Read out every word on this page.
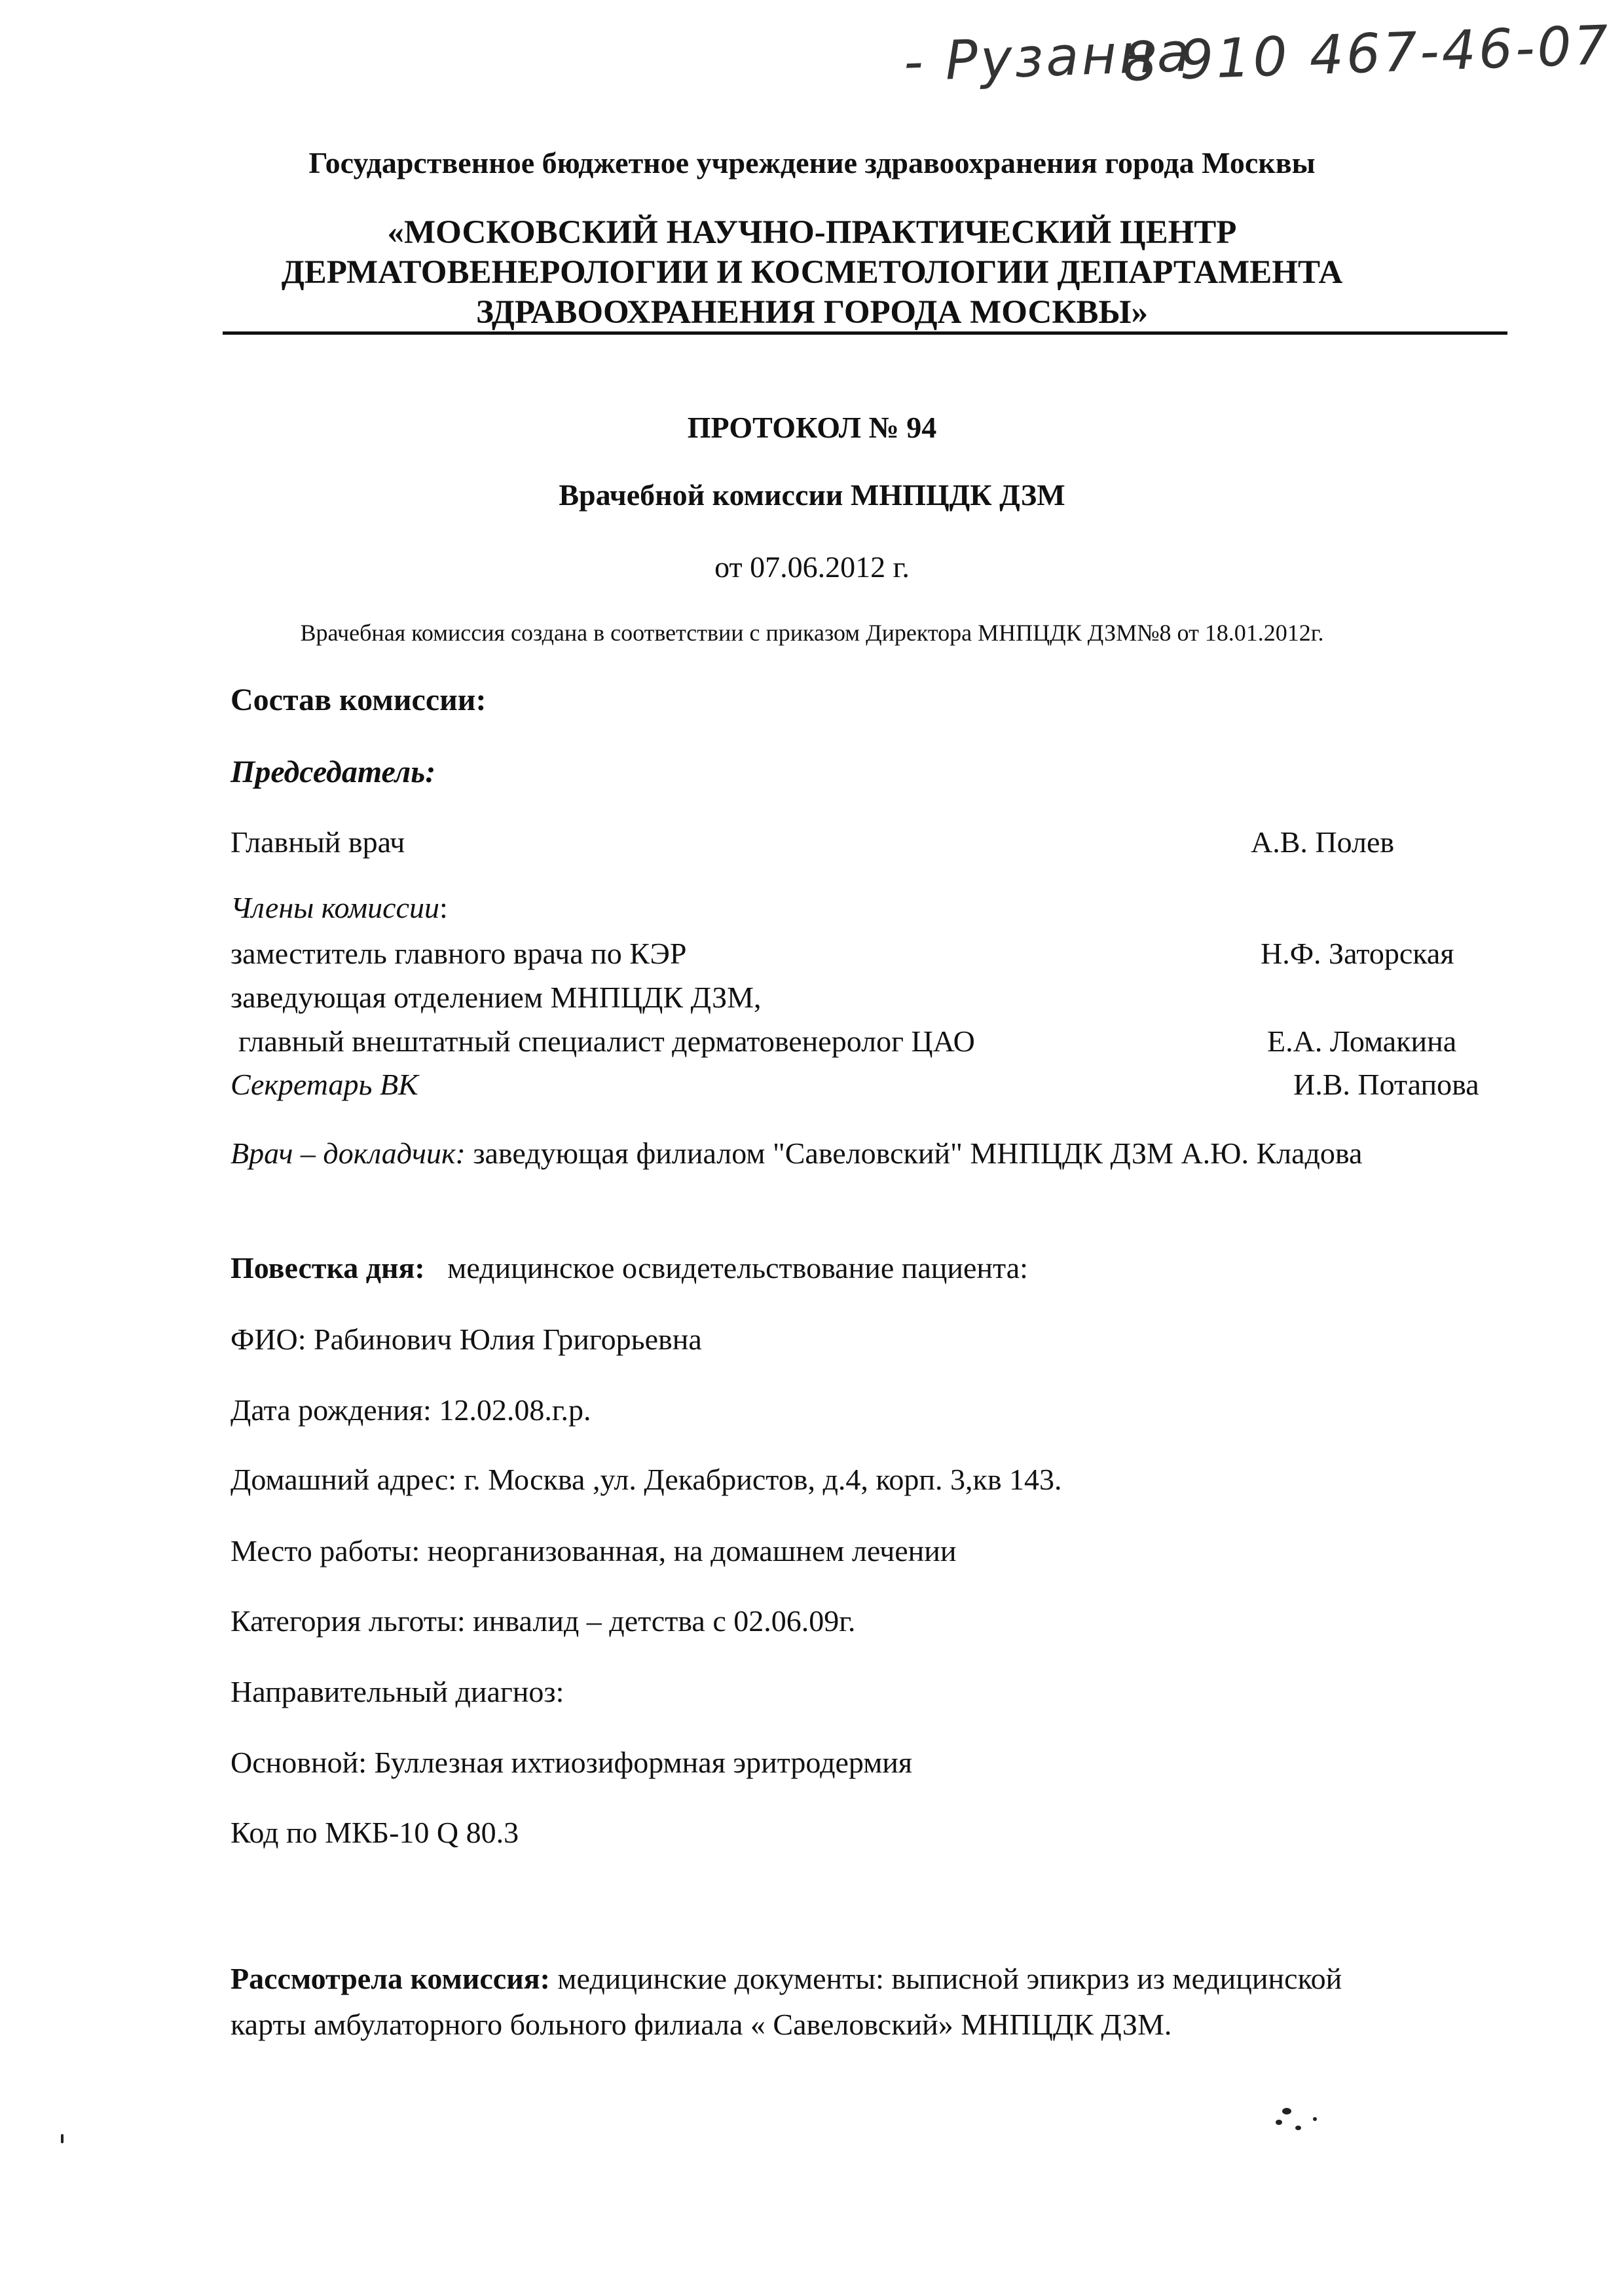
- Рузанна
8 910 467-46-07
Государственное бюджетное учреждение здравоохранения города Москвы
«МОСКОВСКИЙ НАУЧНО-ПРАКТИЧЕСКИЙ ЦЕНТР
ДЕРМАТОВЕНЕРОЛОГИИ И КОСМЕТОЛОГИИ ДЕПАРТАМЕНТА
ЗДРАВООХРАНЕНИЯ ГОРОДА МОСКВЫ»
ПРОТОКОЛ № 94
Врачебной комиссии МНПЦДК ДЗМ
от 07.06.2012 г.
Врачебная комиссия создана в соответствии с приказом Директора МНПЦДК ДЗМ№8 от 18.01.2012г.
Состав комиссии:
Председатель:
Главный врач	А.В. Полев
Члены комиссии:
заместитель главного врача по КЭР	Н.Ф. Заторская
заведующая отделением МНПЦДК ДЗМ,
главный внештатный специалист дерматовенеролог ЦАО	Е.А. Ломакина
Секретарь ВК	И.В. Потапова
Врач – докладчик: заведующая филиалом "Савеловский" МНПЦДК ДЗМ А.Ю. Кладова
Повестка дня: медицинское освидетельствование пациента:
ФИО: Рабинович Юлия Григорьевна
Дата рождения: 12.02.08.г.р.
Домашний адрес: г. Москва ,ул. Декабристов, д.4, корп. 3,кв 143.
Место работы: неорганизованная, на домашнем лечении
Категория льготы: инвалид – детства с 02.06.09г.
Направительный диагноз:
Основной: Буллезная ихтиозиформная эритродермия
Код по МКБ-10 Q 80.3
Рассмотрела комиссия: медицинские документы: выписной эпикриз из медицинской
карты амбулаторного больного филиала « Савеловский» МНПЦДК ДЗМ.
